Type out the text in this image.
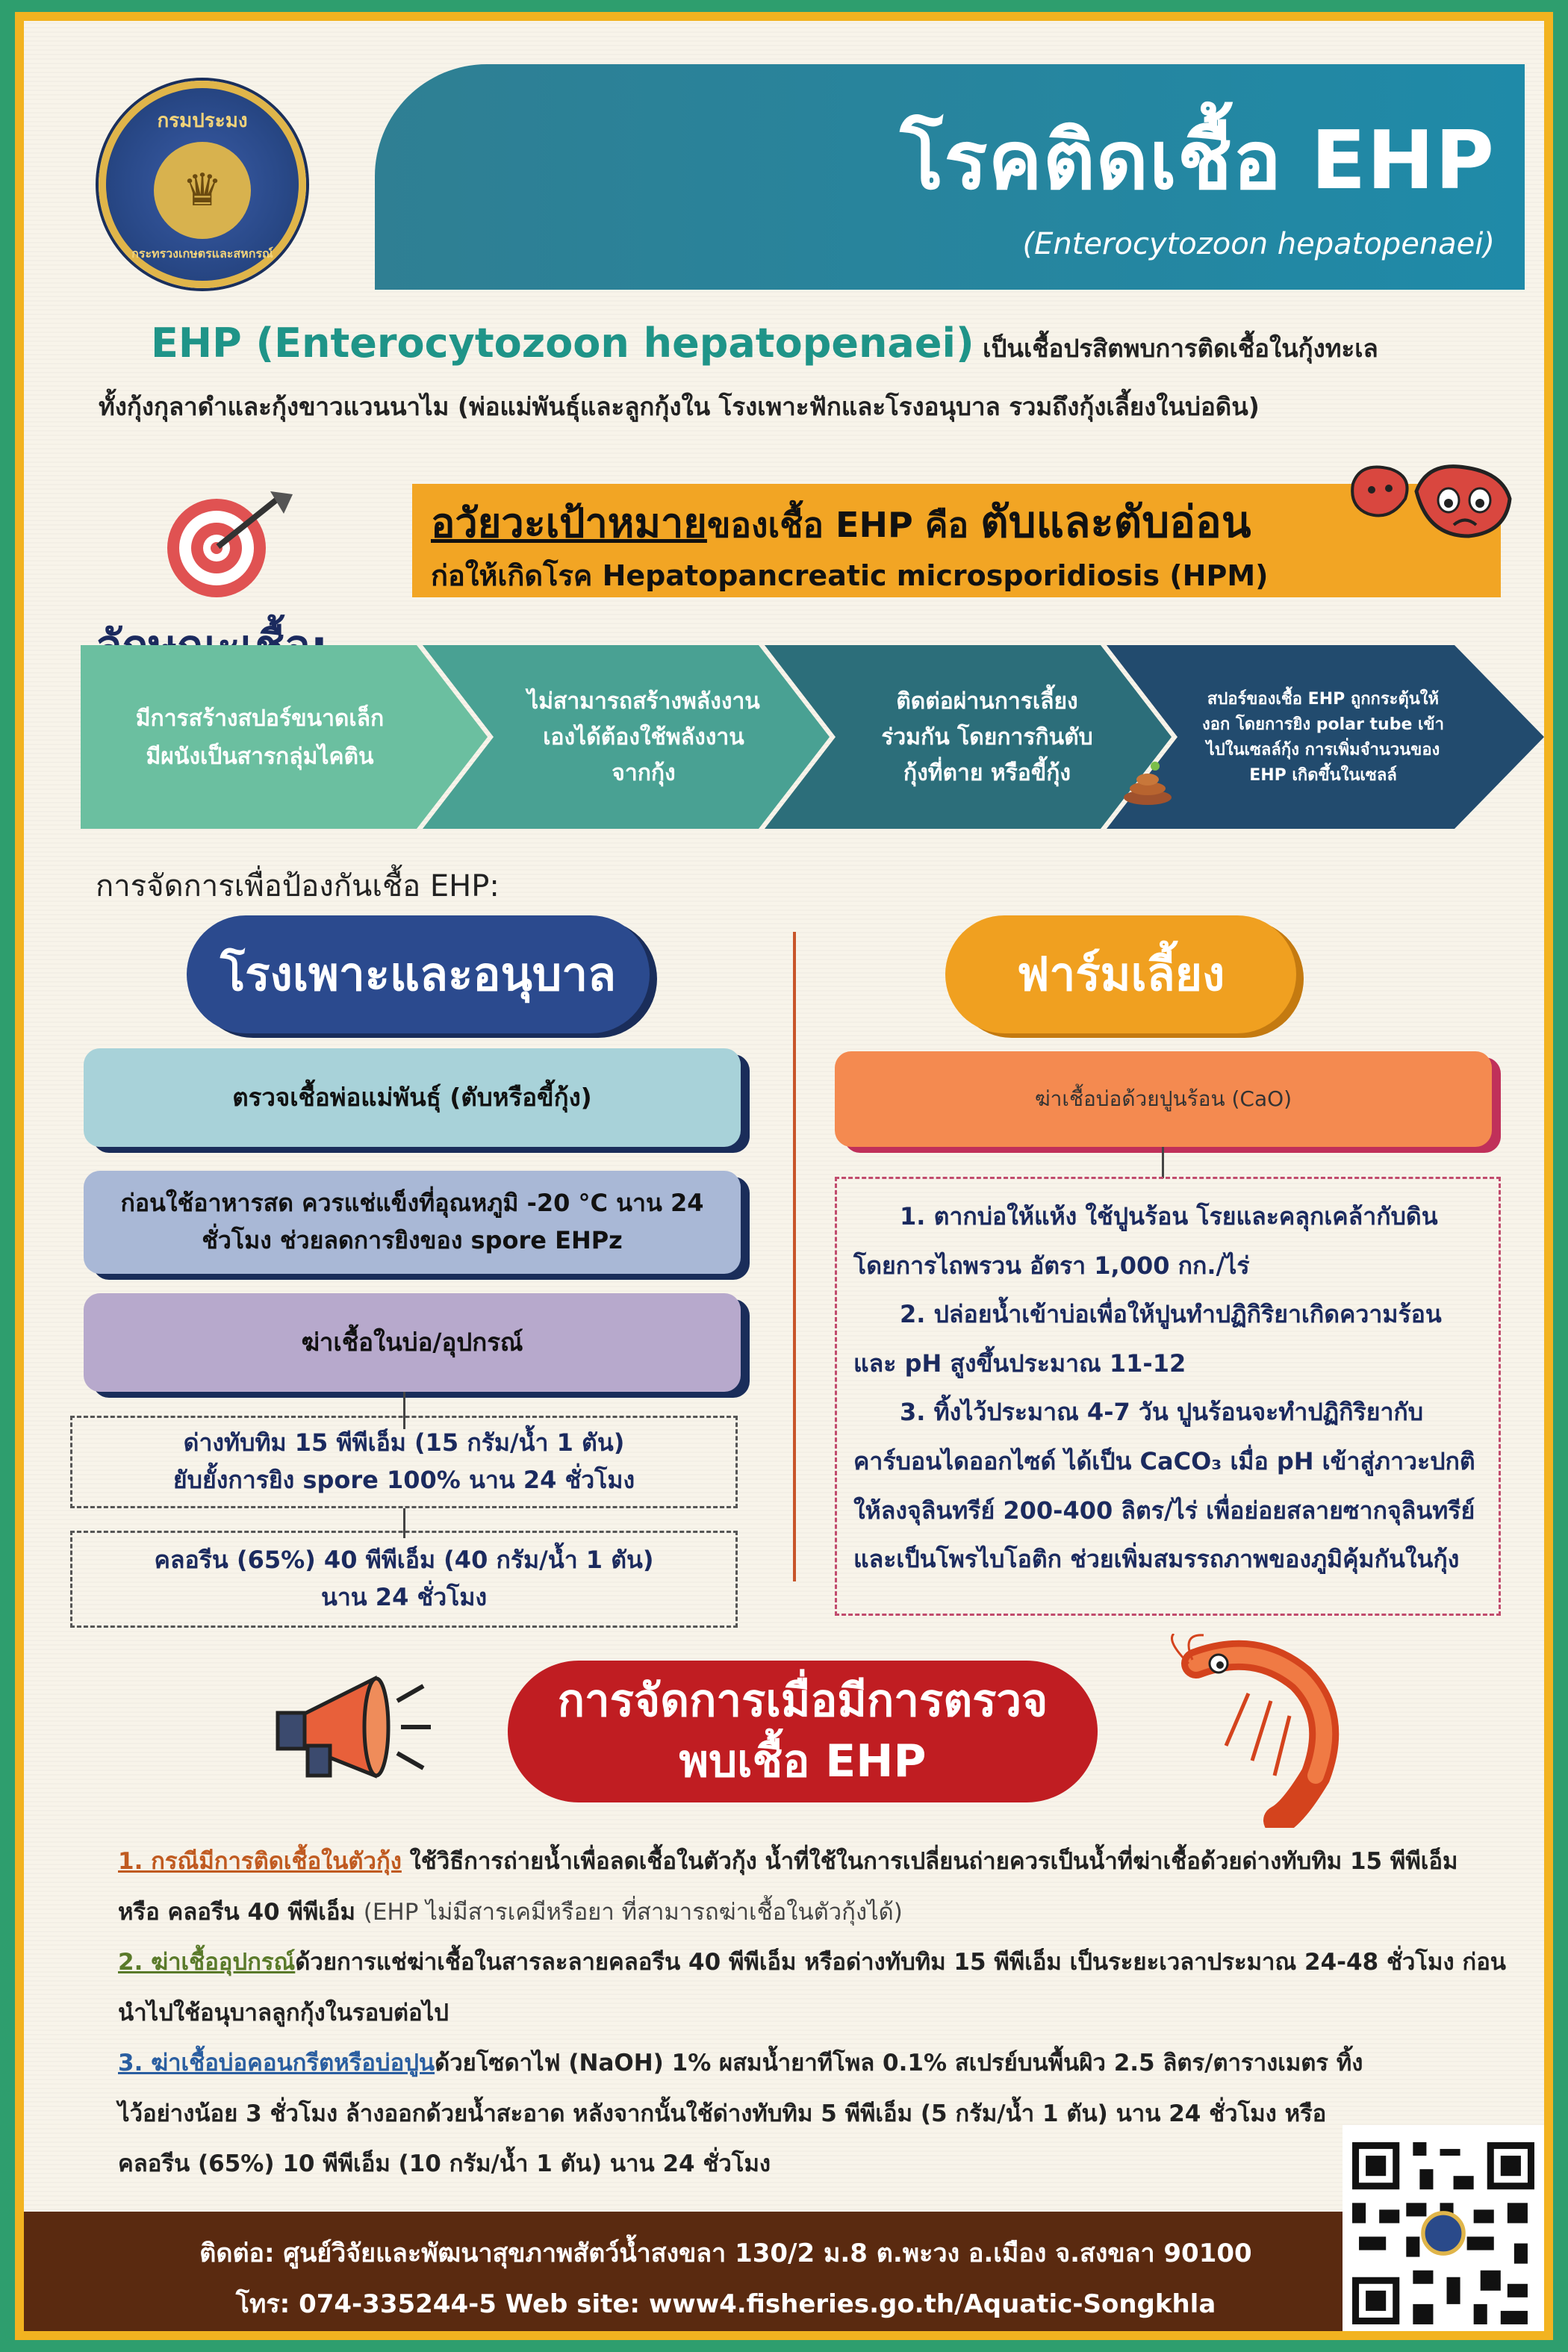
กรมประมง
♛
กระทรวงเกษตรและสหกรณ์
โรคติดเชื้อ EHP
(Enterocytozoon hepatopenaei)
EHP (Enterocytozoon hepatopenaei) เป็นเชื้อปรสิตพบการติดเชื้อในกุ้งทะเล
ทั้งกุ้งกุลาดำและกุ้งขาวแวนนาไม (พ่อแม่พันธุ์และลูกกุ้งใน โรงเพาะฟักและโรงอนุบาล รวมถึงกุ้งเลี้ยงในบ่อดิน)
อวัยวะเป้าหมายของเชื้อ EHP คือ ตับและตับอ่อน
ก่อให้เกิดโรค Hepatopancreatic microsporidiosis (HPM)
มีการสร้างสปอร์ขนาดเล็ก
มีผนังเป็นสารกลุ่มไคติน
ไม่สามารถสร้างพลังงาน
เองได้ต้องใช้พลังงาน
จากกุ้ง
ติดต่อผ่านการเลี้ยง
ร่วมกัน โดยการกินตับ
กุ้งที่ตาย หรือขี้กุ้ง
สปอร์ของเชื้อ EHP ถูกกระตุ้นให้
งอก โดยการยิง polar tube เข้า
ไปในเซลล์กุ้ง การเพิ่มจำนวนของ
EHP เกิดขึ้นในเซลล์
การจัดการเพื่อป้องกันเชื้อ EHP:
โรงเพาะและอนุบาล	ฟาร์มเลี้ยง
ตรวจเชื้อพ่อแม่พันธุ์ (ตับหรือขี้กุ้ง)
ก่อนใช้อาหารสด ควรแช่แข็งที่อุณหภูมิ -20 °C นาน 24
ชั่วโมง ช่วยลดการยิงของ spore EHPz
ฆ่าเชื้อในบ่อ/อุปกรณ์
ด่างทับทิม 15 พีพีเอ็ม (15 กรัม/น้ำ 1 ตัน)
ยับยั้งการยิง spore 100% นาน 24 ชั่วโมง
คลอรีน (65%) 40 พีพีเอ็ม (40 กรัม/น้ำ 1 ตัน)
นาน 24 ชั่วโมง
ฆ่าเชื้อบ่อด้วยปูนร้อน (CaO)
1. ตากบ่อให้แห้ง ใช้ปูนร้อน โรยและคลุกเคล้ากับดิน โดยการไถพรวน อัตรา 1,000 กก./ไร่
2. ปล่อยน้ำเข้าบ่อเพื่อให้ปูนทำปฏิกิริยาเกิดความร้อน และ pH สูงขึ้นประมาณ 11-12
3. ทิ้งไว้ประมาณ 4-7 วัน ปูนร้อนจะทำปฏิกิริยากับคาร์บอนไดออกไซด์ ได้เป็น CaCO₃ เมื่อ pH เข้าสู่ภาวะปกติให้ลงจุลินทรีย์ 200-400 ลิตร/ไร่ เพื่อย่อยสลายซากจุลินทรีย์ และเป็นโพรไบโอติก ช่วยเพิ่มสมรรถภาพของภูมิคุ้มกันในกุ้ง
การจัดการเมื่อมีการตรวจ
พบเชื้อ EHP
1. กรณีมีการติดเชื้อในตัวกุ้ง ใช้วิธีการถ่ายน้ำเพื่อลดเชื้อในตัวกุ้ง น้ำที่ใช้ในการเปลี่ยนถ่ายควรเป็นน้ำที่ฆ่าเชื้อด้วยด่างทับทิม 15 พีพีเอ็ม หรือ คลอรีน 40 พีพีเอ็ม (EHP ไม่มีสารเคมีหรือยา ที่สามารถฆ่าเชื้อในตัวกุ้งได้)
2. ฆ่าเชื้ออุปกรณ์ด้วยการแช่ฆ่าเชื้อในสารละลายคลอรีน 40 พีพีเอ็ม หรือด่างทับทิม 15 พีพีเอ็ม เป็นระยะเวลาประมาณ 24-48 ชั่วโมง ก่อนนำไปใช้อนุบาลลูกกุ้งในรอบต่อไป
3. ฆ่าเชื้อบ่อคอนกรีตหรือบ่อปูนด้วยโซดาไฟ (NaOH) 1% ผสมน้ำยาทีโพล 0.1% สเปรย์บนพื้นผิว 2.5 ลิตร/ตารางเมตร ทิ้งไว้อย่างน้อย 3 ชั่วโมง ล้างออกด้วยน้ำสะอาด หลังจากนั้นใช้ด่างทับทิม 5 พีพีเอ็ม (5 กรัม/น้ำ 1 ตัน) นาน 24 ชั่วโมง หรือคลอรีน (65%) 10 พีพีเอ็ม (10 กรัม/น้ำ 1 ตัน) นาน 24 ชั่วโมง
ติดต่อ: ศูนย์วิจัยและพัฒนาสุขภาพสัตว์น้ำสงขลา 130/2 ม.8 ต.พะวง อ.เมือง จ.สงขลา 90100
โทร: 074-335244-5 Web site: www4.fisheries.go.th/Aquatic-Songkhla
